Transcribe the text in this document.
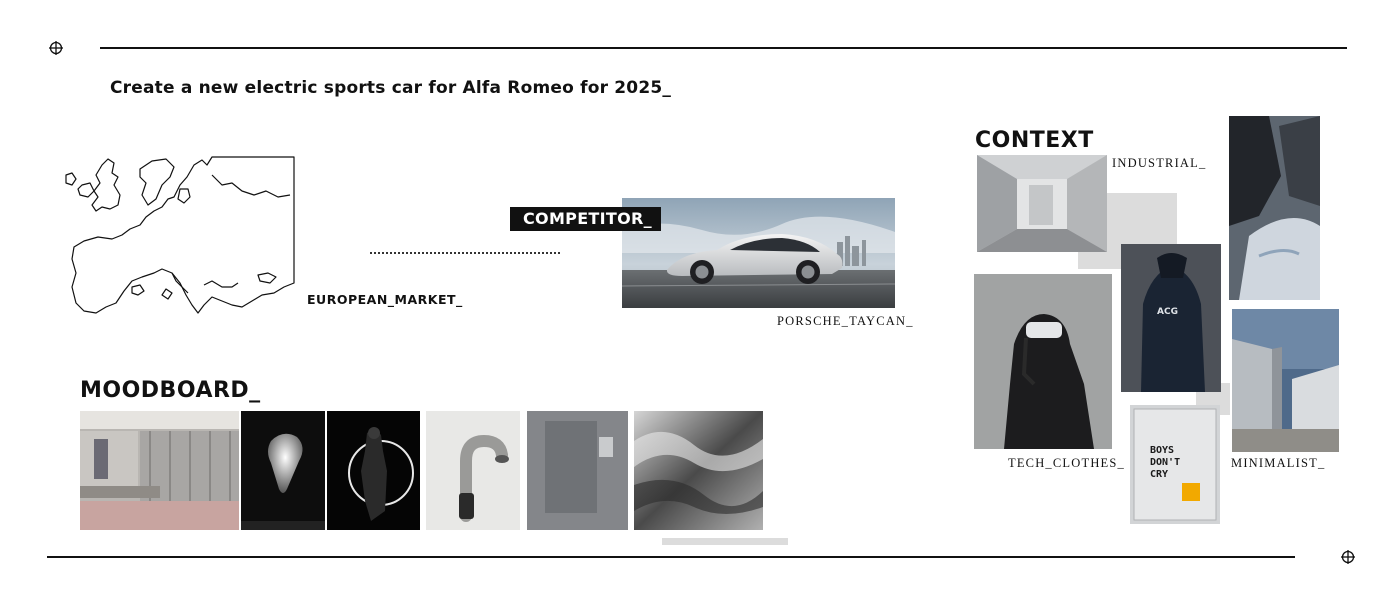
Create a new electric sports car for Alfa Romeo for 2025_
EUROPEAN_MARKET_
COMPETITOR_
PORSCHE_TAYCAN_
MOODBOARD_
CONTEXT
INDUSTRIAL_
TECH_CLOTHES_
ACG
BOYS
DON'T
CRY
MINIMALIST_
